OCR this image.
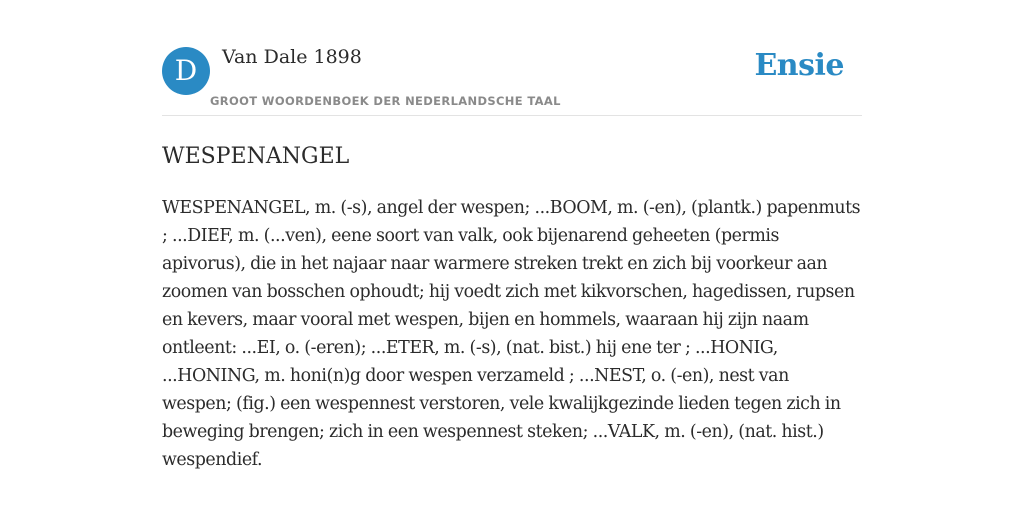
D	Van Dale 1898
GROOT WOORDENBOEK DER NEDERLANDSCHE TAAL
Ensie
WESPENANGEL

WESPENANGEL, m. (-s), angel der wespen; ...BOOM, m. (-en), (plantk.) papenmuts ; ...DIEF, m. (...ven), eene soort van valk, ook bijenarend geheeten (permis apivorus), die in het najaar naar warmere streken trekt en zich bij voorkeur aan zoomen van bosschen ophoudt; hij voedt zich met kikvorschen, hagedissen, rupsen en kevers, maar vooral met wespen, bijen en hommels, waaraan hij zijn naam ontleent: ...EI, o. (-eren); ...ETER, m. (-s), (nat. bist.) hij ene ter ; ...HONIG, ...HONING, m. honi(n)g door wespen verzameld ; ...NEST, o. (-en), nest van wespen; (fig.) een wespennest verstoren, vele kwalijkgezinde lieden tegen zich in beweging brengen; zich in een wespennest steken; ...VALK, m. (-en), (nat. hist.) wespendief.
